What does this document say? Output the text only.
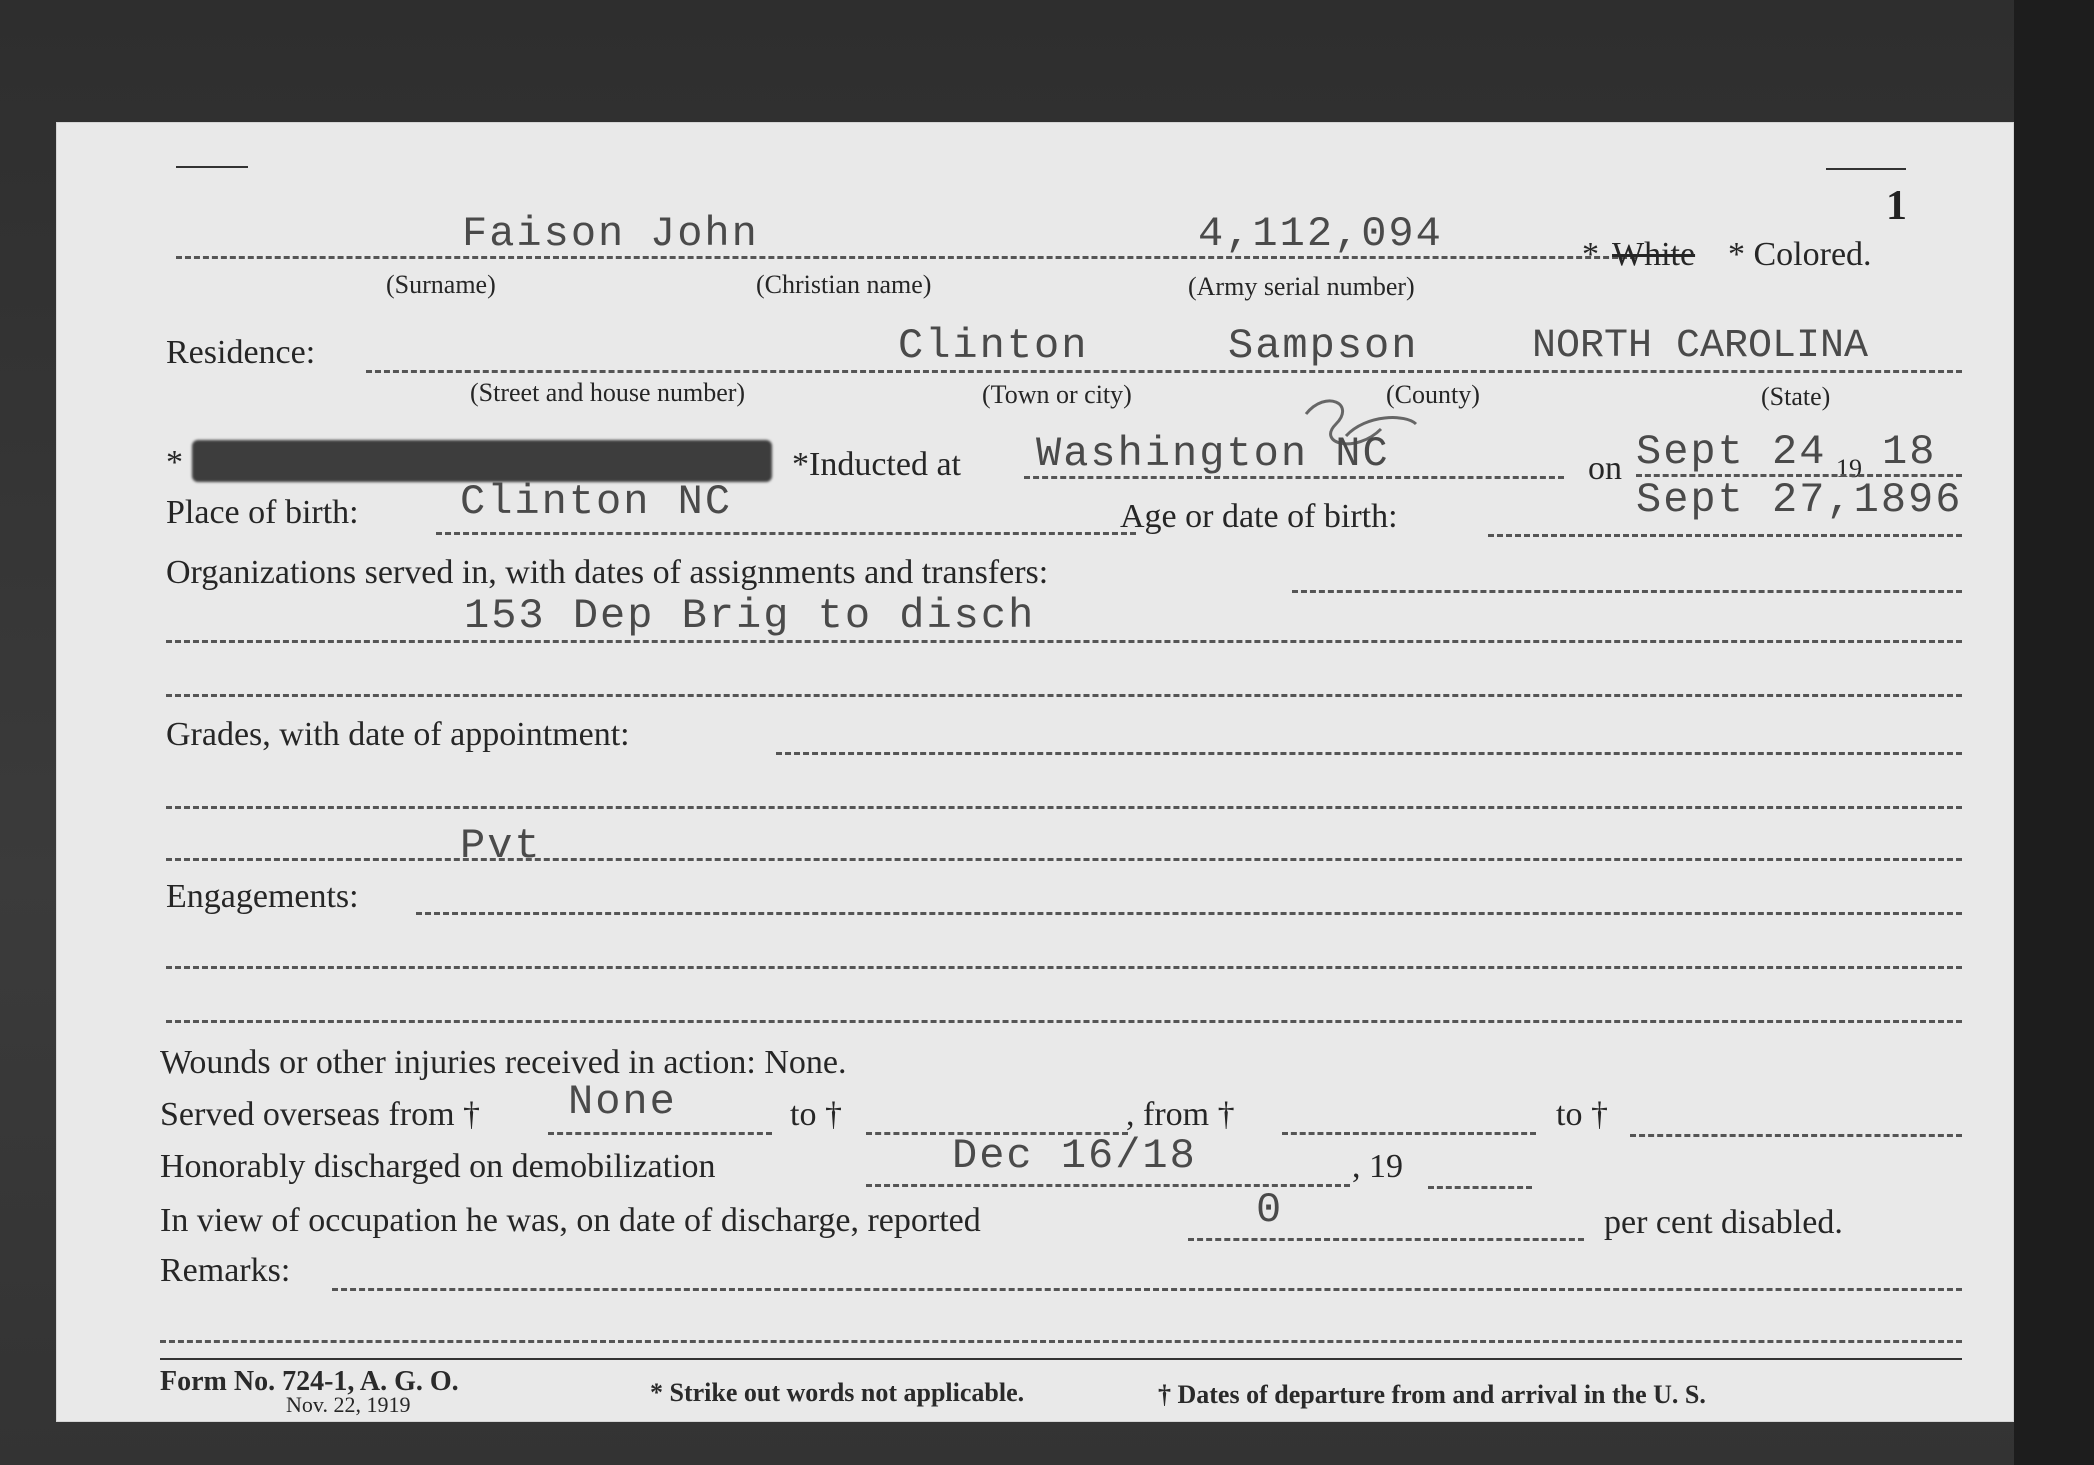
1
Faison John	4,112,094	* White * Colored.
(Surname)	(Christian name)	(Army serial number)
Residence:	Clinton	Sampson	NORTH CAROLINA
(Street and house number)	(Town or city)	(County)	(State)
*	*Inducted at Washington NC	on Sept 24 19 18
Place of birth: Clinton NC	Age or date of birth:	Sept 27,1896
Organizations served in, with dates of assignments and transfers:
153 Dep Brig to disch
Grades, with date of appointment:
Pvt
Engagements:
Wounds or other injuries received in action: None.
Served overseas from † None	to †	, from †	to †
Honorably discharged on demobilization	Dec 16/18	, 19
In view of occupation he was, on date of discharge, reported	0	per cent disabled.
Remarks:
Form No. 724-1, A. G. O.
Nov. 22, 1919	* Strike out words not applicable.	† Dates of departure from and arrival in the U. S.
